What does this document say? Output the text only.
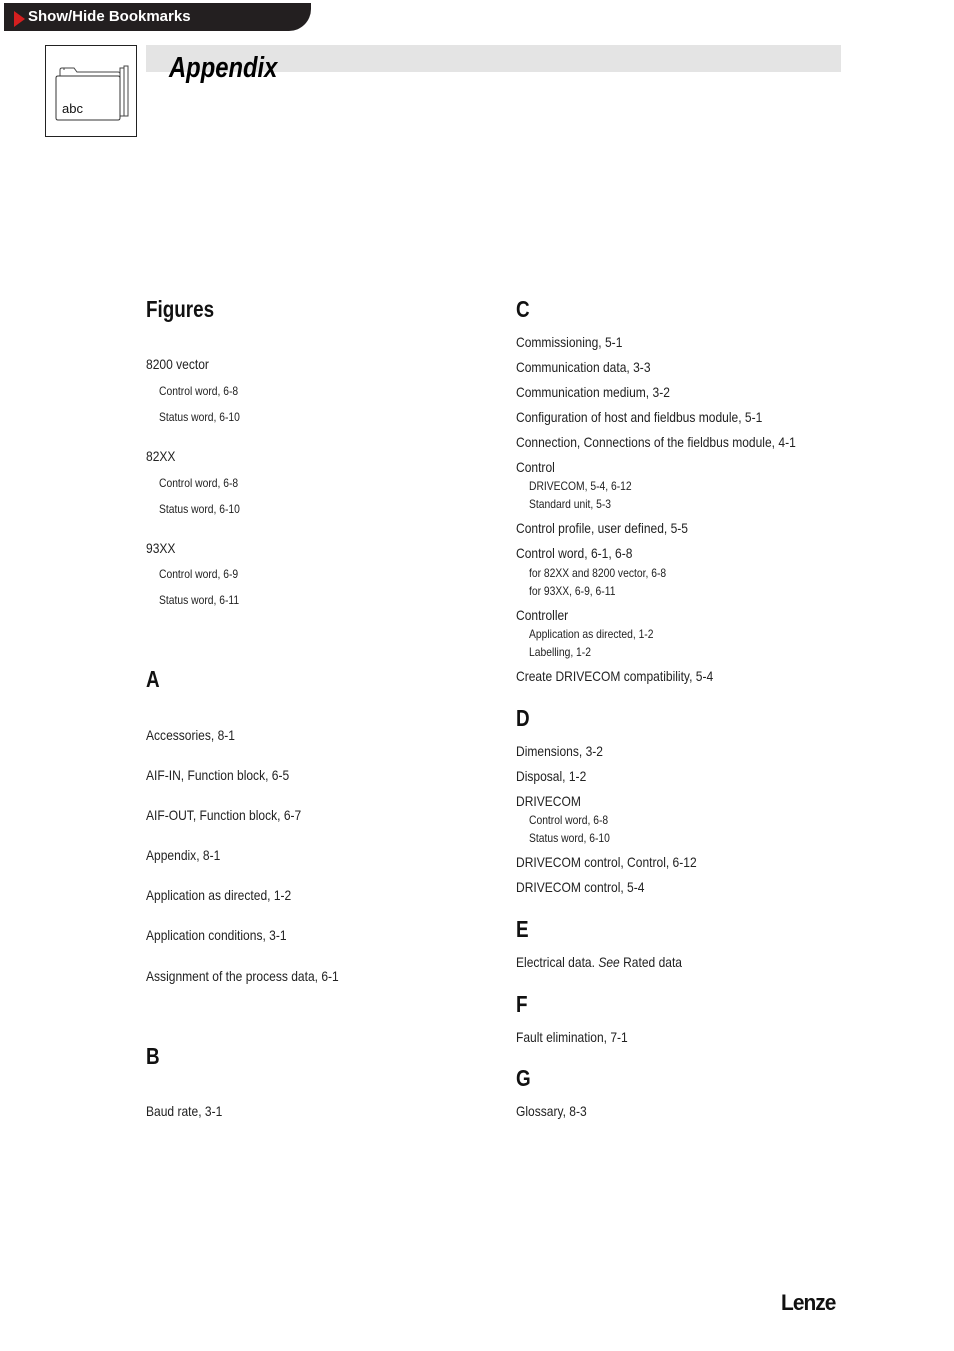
Show/Hide Bookmarks
abc
Appendix
Figures
8200 vector
Control word, 6-8
Status word, 6-10
82XX
Control word, 6-8
Status word, 6-10
93XX
Control word, 6-9
Status word, 6-11
A
Accessories, 8-1
AIF-IN, Function block, 6-5
AIF-OUT, Function block, 6-7
Appendix, 8-1
Application as directed, 1-2
Application conditions, 3-1
Assignment of the process data, 6-1
B
Baud rate, 3-1
C
Commissioning, 5-1
Communication data, 3-3
Communication medium, 3-2
Configuration of host and fieldbus module, 5-1
Connection, Connections of the fieldbus module, 4-1
Control
DRIVECOM, 5-4, 6-12
Standard unit, 5-3
Control profile, user defined, 5-5
Control word, 6-1, 6-8
for 82XX and 8200 vector, 6-8
for 93XX, 6-9, 6-11
Controller
Application as directed, 1-2
Labelling, 1-2
Create DRIVECOM compatibility, 5-4
D
Dimensions, 3-2
Disposal, 1-2
DRIVECOM
Control word, 6-8
Status word, 6-10
DRIVECOM control, Control, 6-12
DRIVECOM control, 5-4
E
Electrical data. See Rated data
F
Fault elimination, 7-1
G
Glossary, 8-3
Lenze
